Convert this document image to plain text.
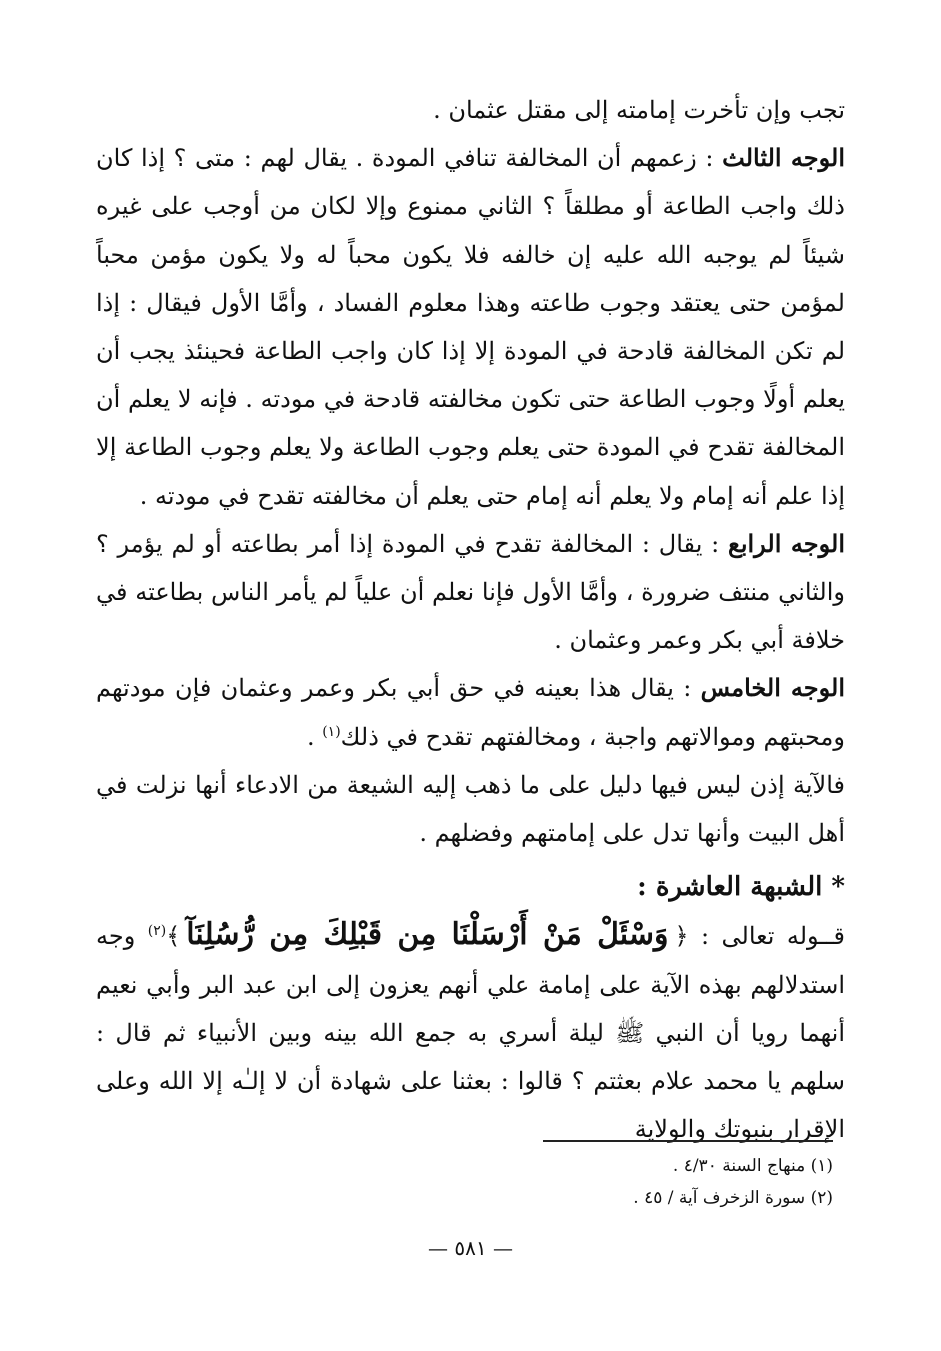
تجب وإن تأخرت إمامته إلى مقتل عثمان .

الوجه الثالث : زعمهم أن المخالفة تنافي المودة . يقال لهم : متى ؟ إذا كان ذلك واجب الطاعة أو مطلقاً ؟ الثاني ممنوع وإلا لكان من أوجب على غيره شيئاً لم يوجبه الله عليه إن خالفه فلا يكون محباً له ولا يكون مؤمن محباً لمؤمن حتى يعتقد وجوب طاعته وهذا معلوم الفساد ، وأمَّا الأول فيقال : إذا لم تكن المخالفة قادحة في المودة إلا إذا كان واجب الطاعة فحينئذ يجب أن يعلم أولًا وجوب الطاعة حتى تكون مخالفته قادحة في مودته . فإنه لا يعلم أن المخالفة تقدح في المودة حتى يعلم وجوب الطاعة ولا يعلم وجوب الطاعة إلا إذا علم أنه إمام ولا يعلم أنه إمام حتى يعلم أن مخالفته تقدح في مودته .

الوجه الرابع : يقال : المخالفة تقدح في المودة إذا أمر بطاعته أو لم يؤمر ؟ والثاني منتف ضرورة ، وأمَّا الأول فإنا نعلم أن علياً لم يأمر الناس بطاعته في خلافة أبي بكر وعمر وعثمان .

الوجه الخامس : يقال هذا بعينه في حق أبي بكر وعمر وعثمان فإن مودتهم ومحبتهم وموالاتهم واجبة ، ومخالفتهم تقدح في ذلك$^{(١)}$ .

فالآية إذن ليس فيها دليل على ما ذهب إليه الشيعة من الادعاء أنها نزلت في أهل البيت وأنها تدل على إمامتهم وفضلهم .

* الشبهة العاشرة :

قــوله تعالى : ﴿وَسْئَلْ مَنْ أَرْسَلْنَا مِن قَبْلِكَ مِن رُّسُلِنَآ﴾$^{(٢)}$ وجه استدلالهم بهذه الآية على إمامة علي أنهم يعزون إلى ابن عبد البر وأبي نعيم أنهما رويا أن النبي ﷺ ليلة أسري به جمع الله بينه وبين الأنبياء ثم قال : سلهم يا محمد علام بعثتم ؟ قالوا : بعثنا على شهادة أن لا إلـٰه إلا الله وعلى الإقرار بنبوتك والولاية

(١) منهاج السنة ٤/٣٠ .

(٢) سورة الزخرف آية / ٤٥ .

— ٥٨١ —
